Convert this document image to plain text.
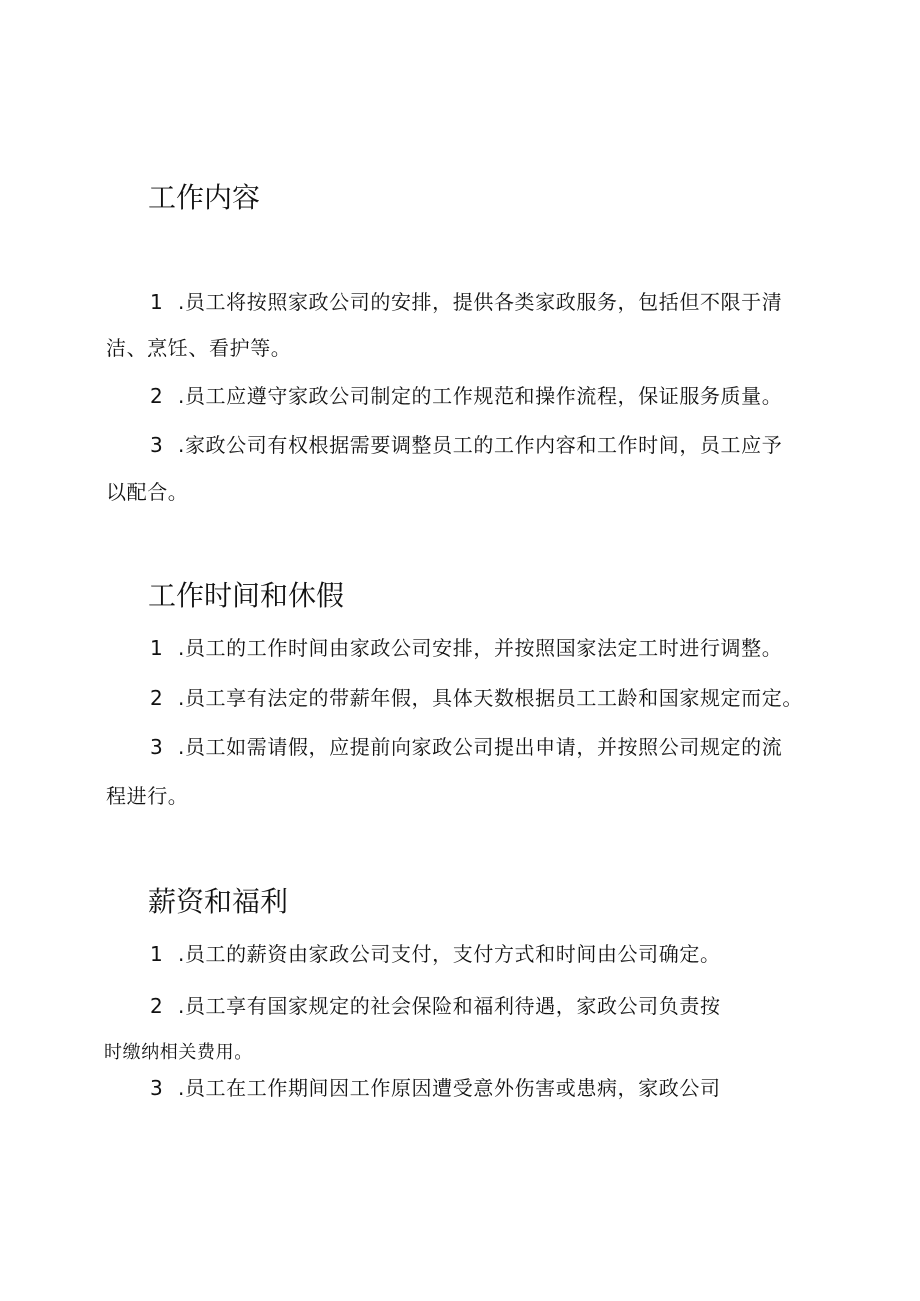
工作内容

1 .员工将按照家政公司的安排，提供各类家政服务，包括但不限于清

洁、烹饪、看护等。

2 .员工应遵守家政公司制定的工作规范和操作流程，保证服务质量。

3 .家政公司有权根据需要调整员工的工作内容和工作时间，员工应予

以配合。

工作时间和休假

1 .员工的工作时间由家政公司安排，并按照国家法定工时进行调整。

2 .员工享有法定的带薪年假，具体天数根据员工工龄和国家规定而定。

3 .员工如需请假，应提前向家政公司提出申请，并按照公司规定的流

程进行。

薪资和福利

1 .员工的薪资由家政公司支付，支付方式和时间由公司确定。

2 .员工享有国家规定的社会保险和福利待遇，家政公司负责按

时缴纳相关费用。

3 .员工在工作期间因工作原因遭受意外伤害或患病，家政公司
